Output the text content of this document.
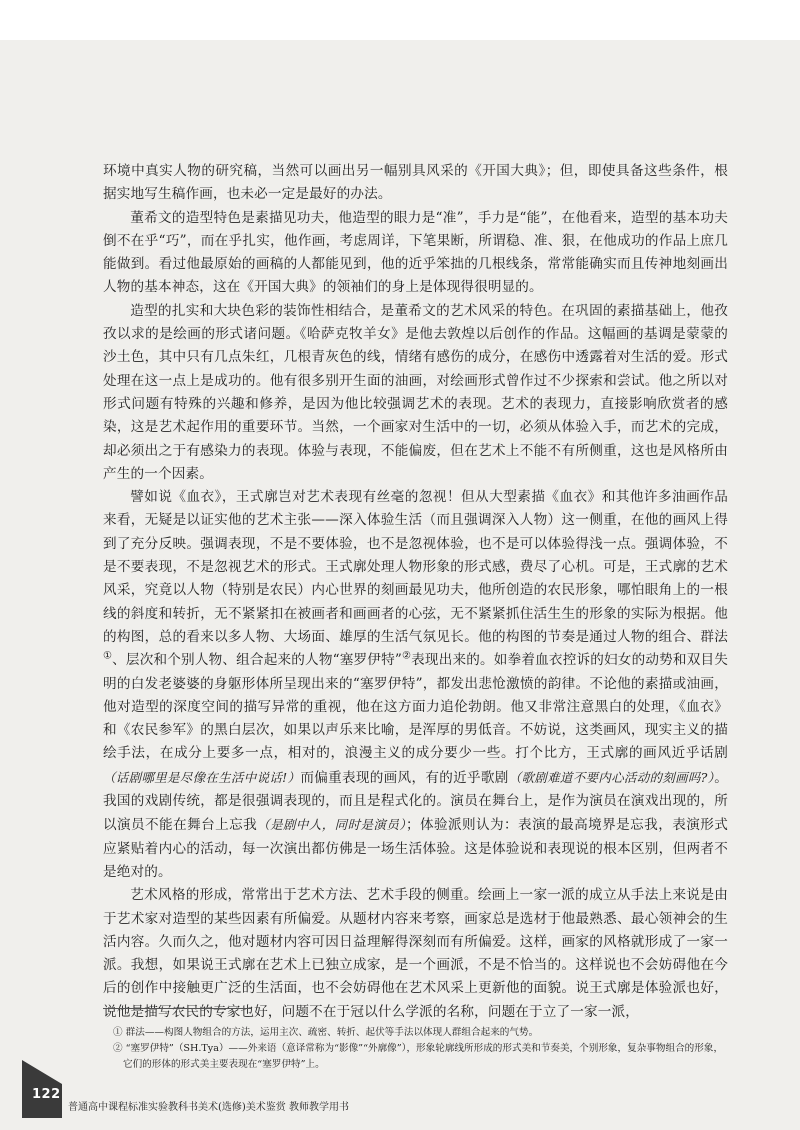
环境中真实人物的研究稿，当然可以画出另一幅别具风采的《开国大典》；但，即使具备这些条件，根据实地写生稿作画，也未必一定是最好的办法。

董希文的造型特色是素描见功夫，他造型的眼力是“准”，手力是“能”，在他看来，造型的基本功夫倒不在乎“巧”，而在乎扎实，他作画，考虑周详，下笔果断，所谓稳、准、狠，在他成功的作品上庶几能做到。看过他最原始的画稿的人都能见到，他的近乎笨拙的几根线条，常常能确实而且传神地刻画出人物的基本神态，这在《开国大典》的领袖们的身上是体现得很明显的。

造型的扎实和大块色彩的装饰性相结合，是董希文的艺术风采的特色。在巩固的素描基础上，他孜孜以求的是绘画的形式诸问题。《哈萨克牧羊女》是他去敦煌以后创作的作品。这幅画的基调是蒙蒙的沙土色，其中只有几点朱红，几根青灰色的线，情绪有感伤的成分，在感伤中透露着对生活的爱。形式处理在这一点上是成功的。他有很多别开生面的油画，对绘画形式曾作过不少探索和尝试。他之所以对形式问题有特殊的兴趣和修养，是因为他比较强调艺术的表现。艺术的表现力，直接影响欣赏者的感染，这是艺术起作用的重要环节。当然，一个画家对生活中的一切，必须从体验入手，而艺术的完成，却必须出之于有感染力的表现。体验与表现，不能偏废，但在艺术上不能不有所侧重，这也是风格所由产生的一个因素。

譬如说《血衣》，王式廓岂对艺术表现有丝毫的忽视！但从大型素描《血衣》和其他许多油画作品来看，无疑是以证实他的艺术主张——深入体验生活（而且强调深入人物）这一侧重，在他的画风上得到了充分反映。强调表现，不是不要体验，也不是忽视体验，也不是可以体验得浅一点。强调体验，不是不要表现，不是忽视艺术的形式。王式廓处理人物形象的形式感，费尽了心机。可是，王式廓的艺术风采，究竟以人物（特别是农民）内心世界的刻画最见功夫，他所创造的农民形象，哪怕眼角上的一根线的斜度和转折，无不紧紧扣在被画者和画画者的心弦，无不紧紧抓住活生生的形象的实际为根据。他的构图，总的看来以多人物、大场面、雄厚的生活气氛见长。他的构图的节奏是通过人物的组合、群法①、层次和个别人物、组合起来的人物“塞罗伊特”②表现出来的。如拳着血衣控诉的妇女的动势和双目失明的白发老婆婆的身躯形体所呈现出来的“塞罗伊特”，都发出悲怆激愤的韵律。不论他的素描或油画，他对造型的深度空间的描写异常的重视，他在这方面力追伦勃朗。他又非常注意黑白的处理，《血衣》和《农民参军》的黑白层次，如果以声乐来比喻，是浑厚的男低音。不妨说，这类画风，现实主义的描绘手法，在成分上要多一点，相对的，浪漫主义的成分要少一些。打个比方，王式廓的画风近乎话剧（话剧哪里是尽像在生活中说话!）而偏重表现的画风，有的近乎歌剧（歌剧难道不要内心活动的刻画吗?）。我国的戏剧传统，都是很强调表现的，而且是程式化的。演员在舞台上，是作为演员在演戏出现的，所以演员不能在舞台上忘我（是剧中人，同时是演员）；体验派则认为：表演的最高境界是忘我，表演形式应紧贴着内心的活动，每一次演出都仿佛是一场生活体验。这是体验说和表现说的根本区别，但两者不是绝对的。

艺术风格的形成，常常出于艺术方法、艺术手段的侧重。绘画上一家一派的成立从手法上来说是由于艺术家对造型的某些因素有所偏爱。从题材内容来考察，画家总是选材于他最熟悉、最心领神会的生活内容。久而久之，他对题材内容可因日益理解得深刻而有所偏爱。这样，画家的风格就形成了一家一派。我想，如果说王式廓在艺术上已独立成家，是一个画派，不是不恰当的。这样说也不会妨碍他在今后的创作中接触更广泛的生活面，也不会妨碍他在艺术风采上更新他的面貌。说王式廓是体验派也好，说他是描写农民的专家也好，问题不在于冠以什么学派的名称，问题在于立了一家一派，

① 群法——构图人物组合的方法，运用主次、疏密、转折、起伏等手法以体现人群组合起来的气势。

② “塞罗伊特”（SH.Tya）——外来语（意译常称为“影像”“外廓像”），形象轮廓线所形成的形式美和节奏美，个别形象，复杂事物组合的形象，它们的形体的形式美主要表现在“塞罗伊特”上。

122
普通高中课程标准实验教科书美术(选修)美术鉴赏 教师教学用书
